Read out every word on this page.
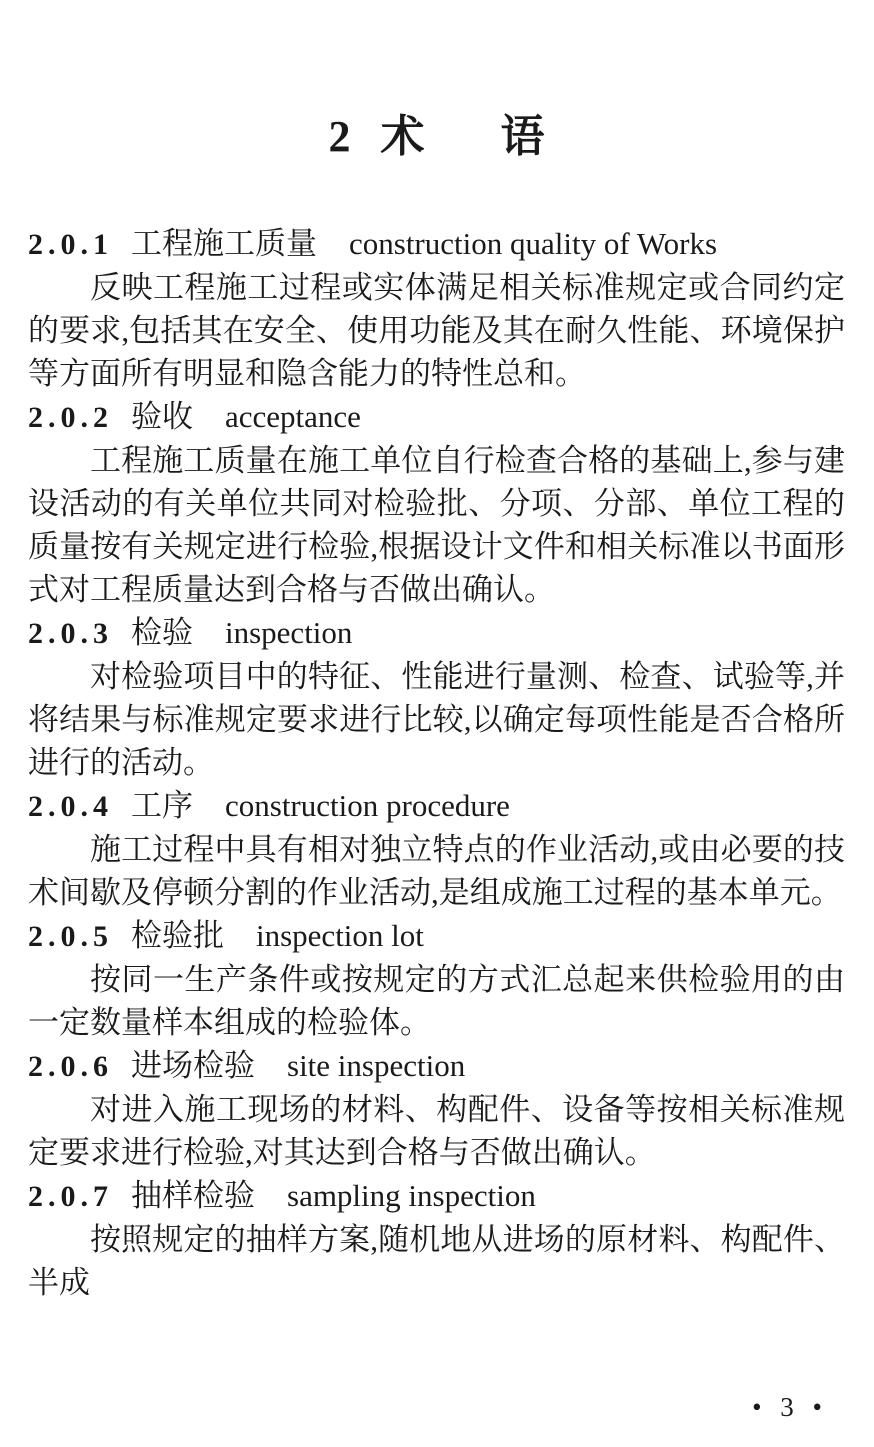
2 术 语
2.0.1 工程施工质量 construction quality of Works

反映工程施工过程或实体满足相关标准规定或合同约定的要求,包括其在安全、使用功能及其在耐久性能、环境保护等方面所有明显和隐含能力的特性总和。

2.0.2 验收 acceptance

工程施工质量在施工单位自行检查合格的基础上,参与建设活动的有关单位共同对检验批、分项、分部、单位工程的质量按有关规定进行检验,根据设计文件和相关标准以书面形式对工程质量达到合格与否做出确认。

2.0.3 检验 inspection

对检验项目中的特征、性能进行量测、检查、试验等,并将结果与标准规定要求进行比较,以确定每项性能是否合格所进行的活动。

2.0.4 工序 construction procedure

施工过程中具有相对独立特点的作业活动,或由必要的技术间歇及停顿分割的作业活动,是组成施工过程的基本单元。

2.0.5 检验批 inspection lot

按同一生产条件或按规定的方式汇总起来供检验用的由一定数量样本组成的检验体。

2.0.6 进场检验 site inspection

对进入施工现场的材料、构配件、设备等按相关标准规定要求进行检验,对其达到合格与否做出确认。

2.0.7 抽样检验 sampling inspection

按照规定的抽样方案,随机地从进场的原材料、构配件、半成

• 3 •
